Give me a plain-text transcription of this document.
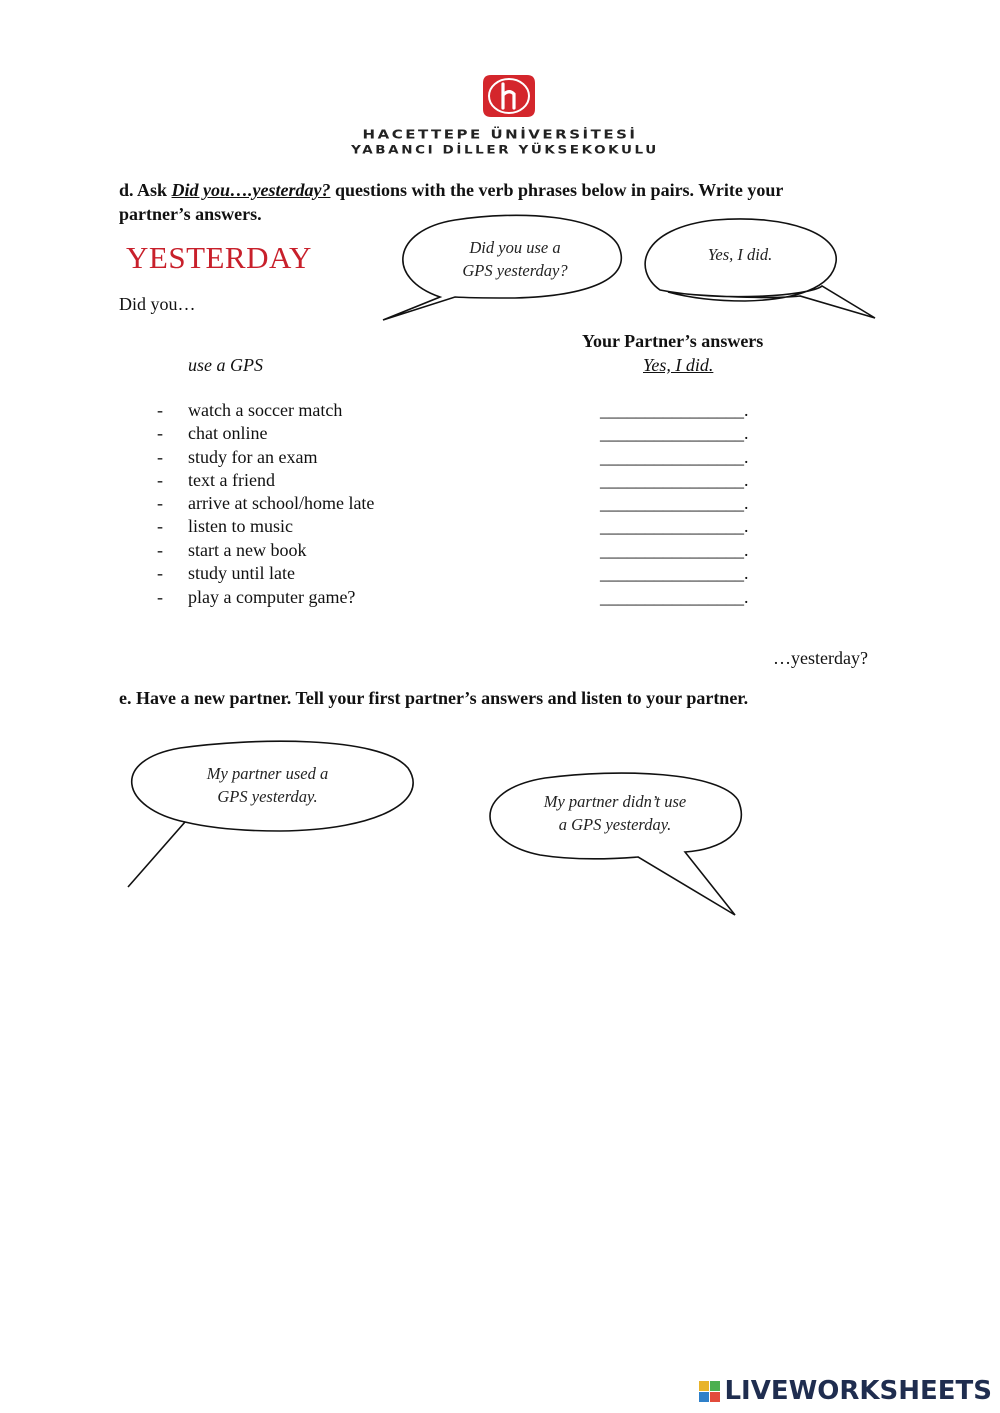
HACETTEPE ÜNİVERSİTESİ
YABANCI DİLLER YÜKSEKOKULU
d. Ask Did you….yesterday? questions with the verb phrases below in pairs. Write your
partner’s answers.
YESTERDAY
Did you…
Did you use a
GPS yesterday?
Yes, I did.
Your Partner’s answers
use a GPS	Yes, I did.
- watch a soccer match	________________.
- chat online	________________.
- study for an exam	________________.
- text a friend	________________.
- arrive at school/home late	________________.
- listen to music	________________.
- start a new book	________________.
- study until late	________________.
- play a computer game?	________________.
…yesterday?
e. Have a new partner. Tell your first partner’s answers and listen to your partner.
My partner used a
GPS yesterday.	My partner didn’t use
a GPS yesterday.
LIVEWORKSHEETS
